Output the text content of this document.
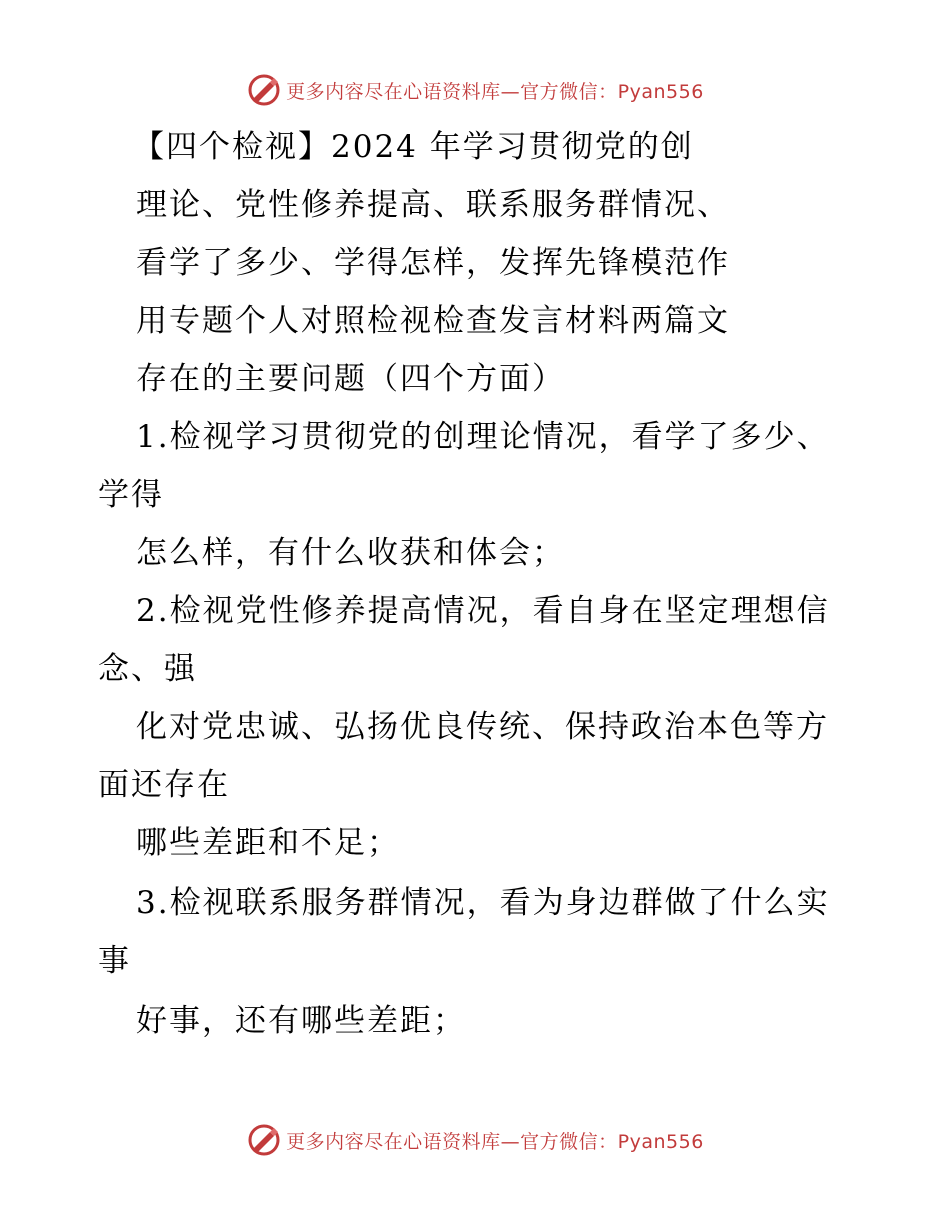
更多内容尽在心语资料库—官方微信：Pyan556
【四个检视】2024 年学习贯彻党的创
理论、党性修养提高、联系服务群情况、
看学了多少、学得怎样，发挥先锋模范作
用专题个人对照检视检查发言材料两篇文
存在的主要问题（四个方面）
1.检视学习贯彻党的创理论情况，看学了多少、
学得
怎么样，有什么收获和体会；
2.检视党性修养提高情况，看自身在坚定理想信
念、强
化对党忠诚、弘扬优良传统、保持政治本色等方
面还存在
哪些差距和不足；
3.检视联系服务群情况，看为身边群做了什么实
事
好事，还有哪些差距；
更多内容尽在心语资料库—官方微信：Pyan556
